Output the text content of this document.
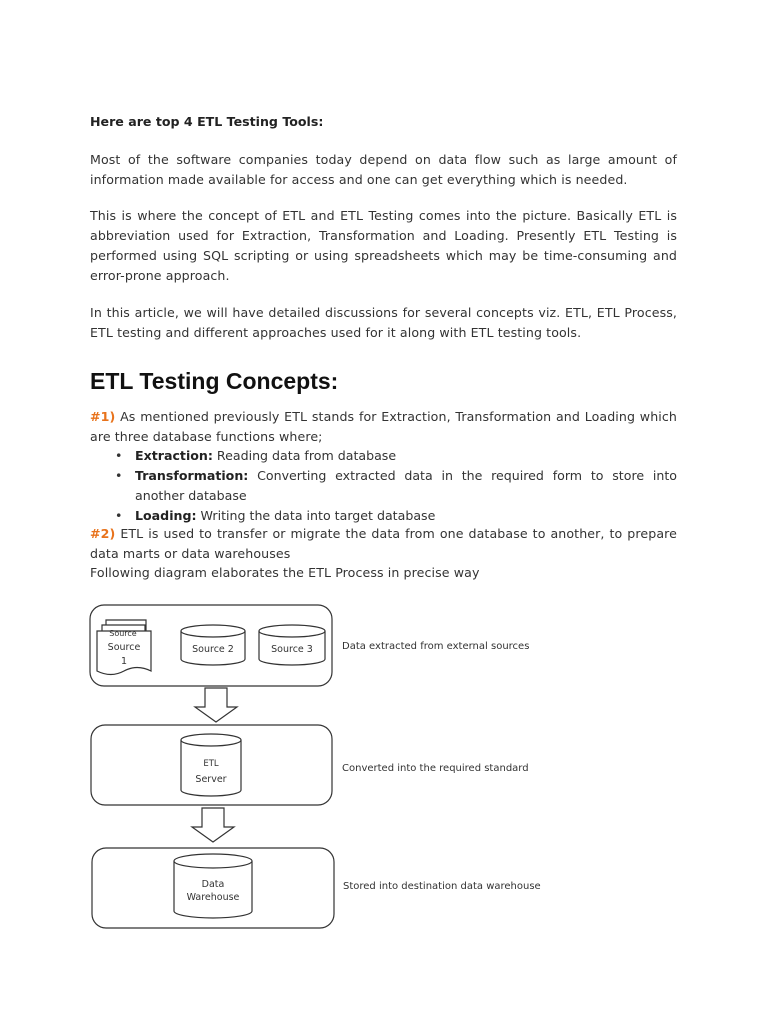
Here are top 4 ETL Testing Tools:

Most of the software companies today depend on data flow such as large amount of information made available for access and one can get everything which is needed.

This is where the concept of ETL and ETL Testing comes into the picture. Basically ETL is abbreviation used for Extraction, Transformation and Loading. Presently ETL Testing is performed using SQL scripting or using spreadsheets which may be time-consuming and error-prone approach.

In this article, we will have detailed discussions for several concepts viz. ETL, ETL Process, ETL testing and different approaches used for it along with ETL testing tools.

ETL Testing Concepts:

#1) As mentioned previously ETL stands for Extraction, Transformation and Loading which are three database functions where;

• Extraction: Reading data from database
• Transformation: Converting extracted data in the required form to store into another database
• Loading: Writing the data into target database

#2) ETL is used to transfer or migrate the data from one database to another, to prepare data marts or data warehouses

Following diagram elaborates the ETL Process in precise way

Source
Source
1
Source 2	Source 3
ETL
Server
Data
Warehouse
Data extracted from external sources
Converted into the required standard
Stored into destination data warehouse
